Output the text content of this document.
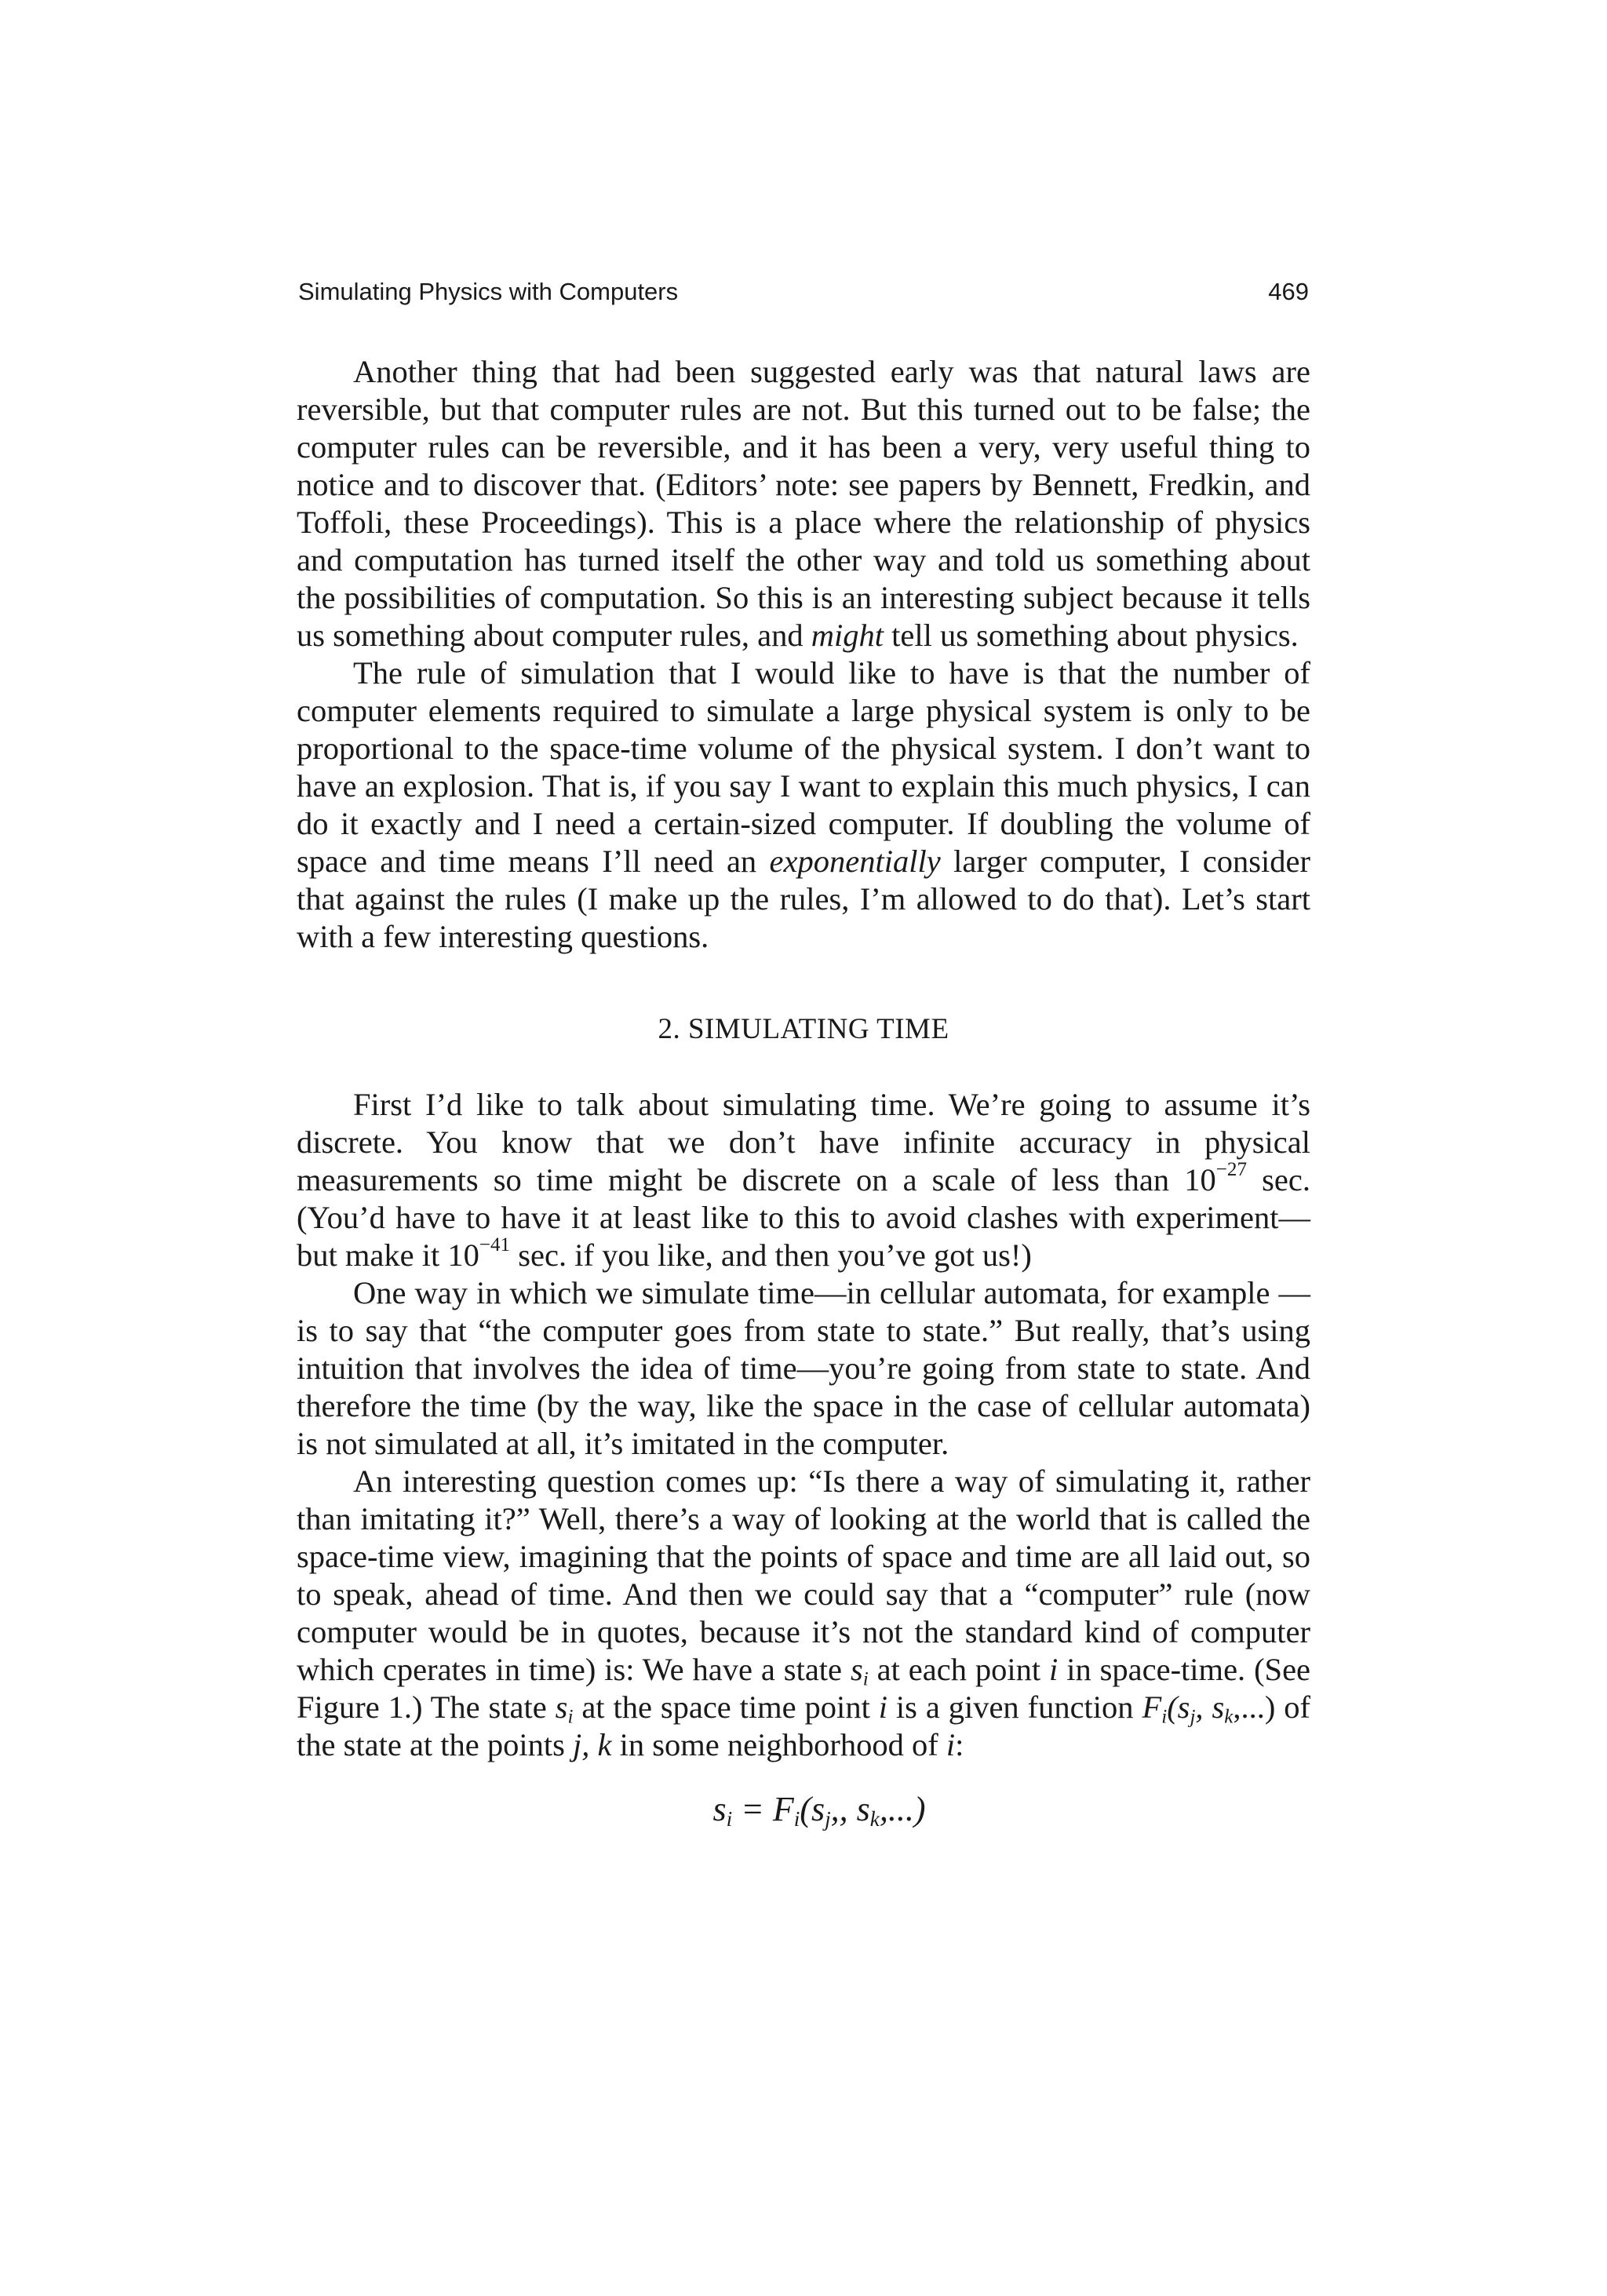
Simulating Physics with Computers	469

Another thing that had been suggested early was that natural laws are reversible, but that computer rules are not. But this turned out to be false; the computer rules can be reversible, and it has been a very, very useful thing to notice and to discover that. (Editors’ note: see papers by Bennett, Fredkin, and Toffoli, these Proceedings). This is a place where the relationship of physics and computation has turned itself the other way and told us something about the possibilities of computation. So this is an interesting subject because it tells us something about computer rules, and might tell us something about physics.

The rule of simulation that I would like to have is that the number of computer elements required to simulate a large physical system is only to be proportional to the space-time volume of the physical system. I don’t want to have an explosion. That is, if you say I want to explain this much physics, I can do it exactly and I need a certain-sized computer. If doubling the volume of space and time means I’ll need an exponentially larger computer, I consider that against the rules (I make up the rules, I’m allowed to do that). Let’s start with a few interesting questions.

2. SIMULATING TIME

First I’d like to talk about simulating time. We’re going to assume it’s discrete. You know that we don’t have infinite accuracy in physical measurements so time might be discrete on a scale of less than $10^{-27}$ sec. (You’d have to have it at least like to this to avoid clashes with experiment—but make it $10^{-41}$ sec. if you like, and then you’ve got us!)

One way in which we simulate time—in cellular automata, for example —is to say that “the computer goes from state to state.” But really, that’s using intuition that involves the idea of time—you’re going from state to state. And therefore the time (by the way, like the space in the case of cellular automata) is not simulated at all, it’s imitated in the computer.

An interesting question comes up: “Is there a way of simulating it, rather than imitating it?” Well, there’s a way of looking at the world that is called the space-time view, imagining that the points of space and time are all laid out, so to speak, ahead of time. And then we could say that a “computer” rule (now computer would be in quotes, because it’s not the standard kind of computer which cperates in time) is: We have a state $s_i$ at each point i in space-time. (See Figure 1.) The state $s_i$ at the space time point i is a given function $F_i(s_j$, $s_k$,...) of the state at the points j, k in some neighborhood of i:

$s_i = F_i(s_j$,, $s_k$,...)
